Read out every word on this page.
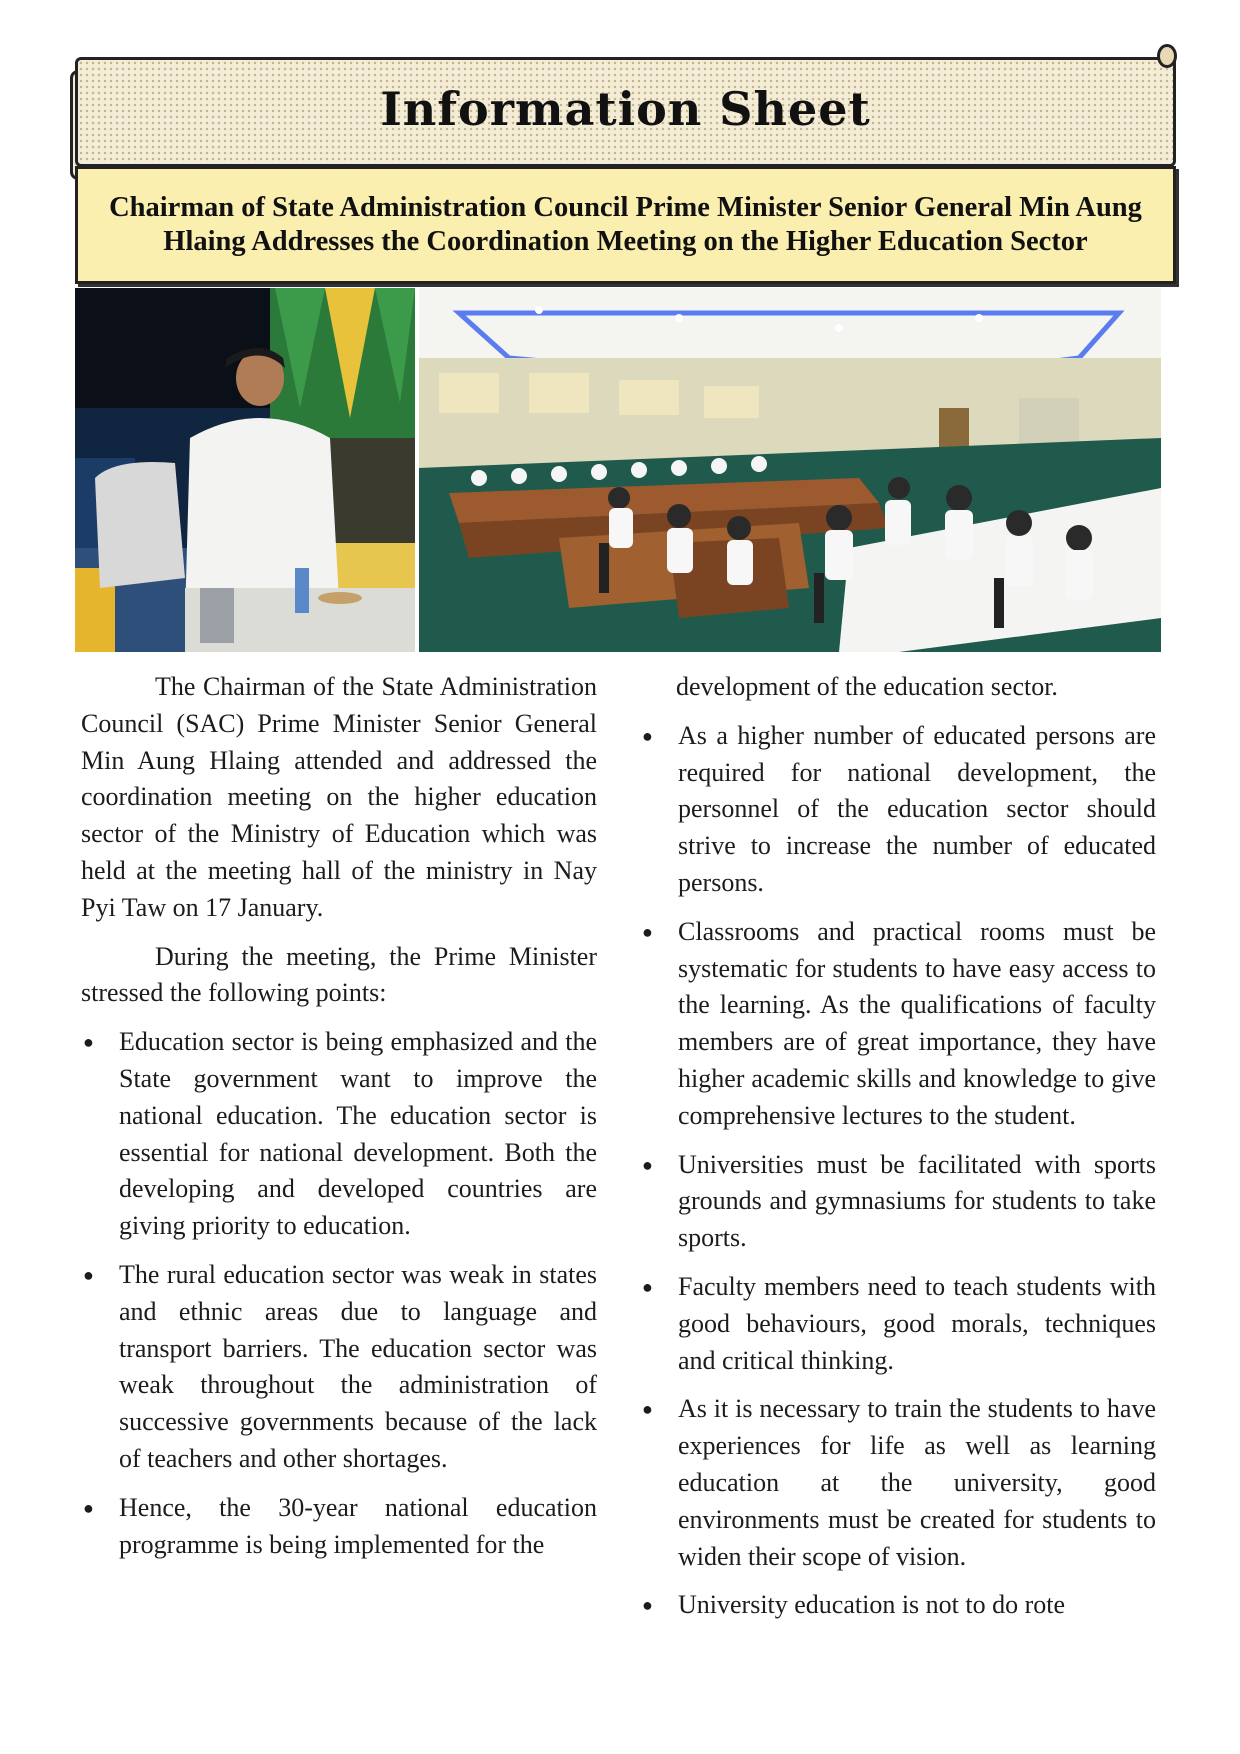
Information Sheet
Chairman of State Administration Council Prime Minister Senior General Min Aung Hlaing Addresses the Coordination Meeting on the Higher Education Sector

The Chairman of the State Administration Council (SAC) Prime Minister Senior General Min Aung Hlaing attended and addressed the coordination meeting on the higher education sector of the Ministry of Education which was held at the meeting hall of the ministry in Nay Pyi Taw on 17 January.

During the meeting, the Prime Minister stressed the following points:

● Education sector is being emphasized and the State government want to improve the national education. The education sector is essential for national development. Both the developing and developed countries are giving priority to education.
● The rural education sector was weak in states and ethnic areas due to language and transport barriers. The education sector was weak throughout the administration of successive governments because of the lack of teachers and other shortages.
● Hence, the 30-year national education programme is being implemented for the

development of the education sector.

● As a higher number of educated persons are required for national development, the personnel of the education sector should strive to increase the number of educated persons.
● Classrooms and practical rooms must be systematic for students to have easy access to the learning. As the qualifications of faculty members are of great importance, they have higher academic skills and knowledge to give comprehensive lectures to the student.
● Universities must be facilitated with sports grounds and gymnasiums for students to take sports.
● Faculty members need to teach students with good behaviours, good morals, techniques and critical thinking.
● As it is necessary to train the students to have experiences for life as well as learning education at the university, good environments must be created for students to widen their scope of vision.
● University education is not to do rote
